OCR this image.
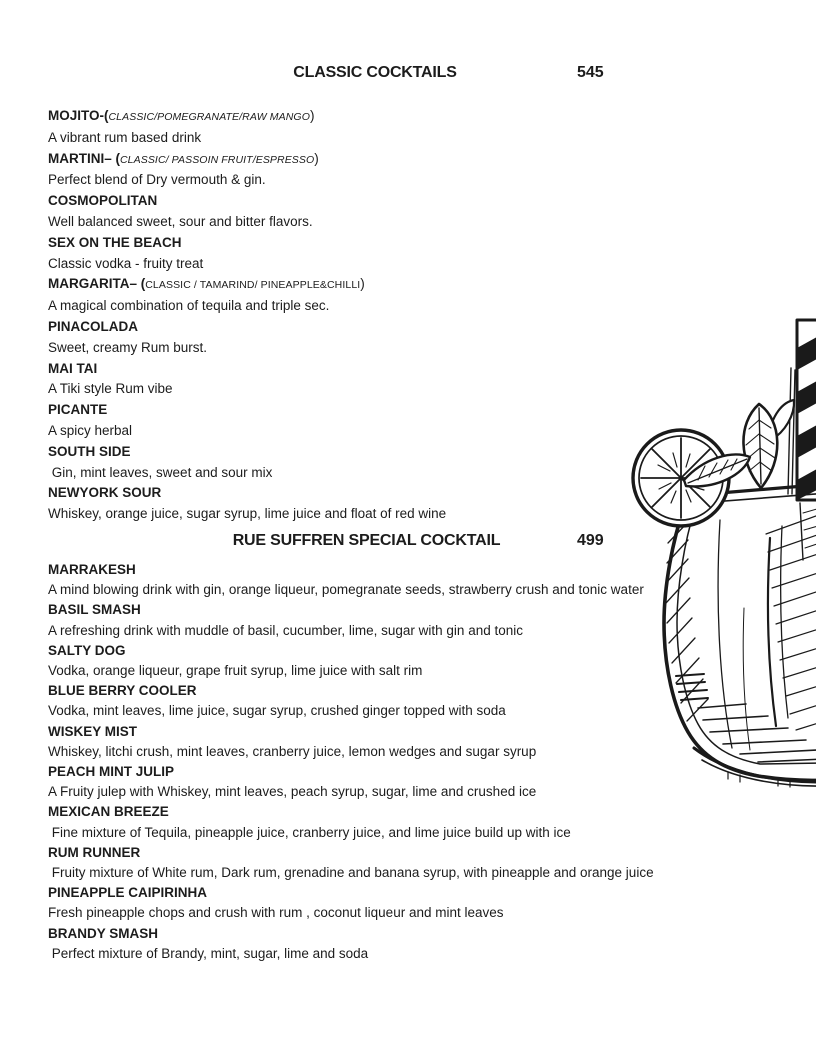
CLASSIC COCKTAILS	545
MOJITO-(CLASSIC/POMEGRANATE/RAW MANGO)
A vibrant rum based drink
MARTINI– (CLASSIC/ PASSOIN FRUIT/ESPRESSO)
Perfect blend of Dry vermouth & gin.
COSMOPOLITAN
Well balanced sweet, sour and bitter flavors.
SEX ON THE BEACH
Classic vodka - fruity treat
MARGARITA– (CLASSIC / TAMARIND/ PINEAPPLE&CHILLI)
A magical combination of tequila and triple sec.
PINACOLADA
Sweet, creamy Rum burst.
MAI TAI
A Tiki style Rum vibe
PICANTE
A spicy herbal
SOUTH SIDE
Gin, mint leaves, sweet and sour mix
NEWYORK SOUR
Whiskey, orange juice, sugar syrup, lime juice and float of red wine
RUE SUFFREN SPECIAL COCKTAIL	499
MARRAKESH
A mind blowing drink with gin, orange liqueur, pomegranate seeds, strawberry crush and tonic water
BASIL SMASH
A refreshing drink with muddle of basil, cucumber, lime, sugar with gin and tonic
SALTY DOG
Vodka, orange liqueur, grape fruit syrup, lime juice with salt rim
BLUE BERRY COOLER
Vodka, mint leaves, lime juice, sugar syrup, crushed ginger topped with soda
WISKEY MIST
Whiskey, litchi crush, mint leaves, cranberry juice, lemon wedges and sugar syrup
PEACH MINT JULIP
A Fruity julep with Whiskey, mint leaves, peach syrup, sugar, lime and crushed ice
MEXICAN BREEZE
Fine mixture of Tequila, pineapple juice, cranberry juice, and lime juice build up with ice
RUM RUNNER
Fruity mixture of White rum, Dark rum, grenadine and banana syrup, with pineapple and orange juice
PINEAPPLE CAIPIRINHA
Fresh pineapple chops and crush with rum , coconut liqueur and mint leaves
BRANDY SMASH
Perfect mixture of Brandy, mint, sugar, lime and soda
